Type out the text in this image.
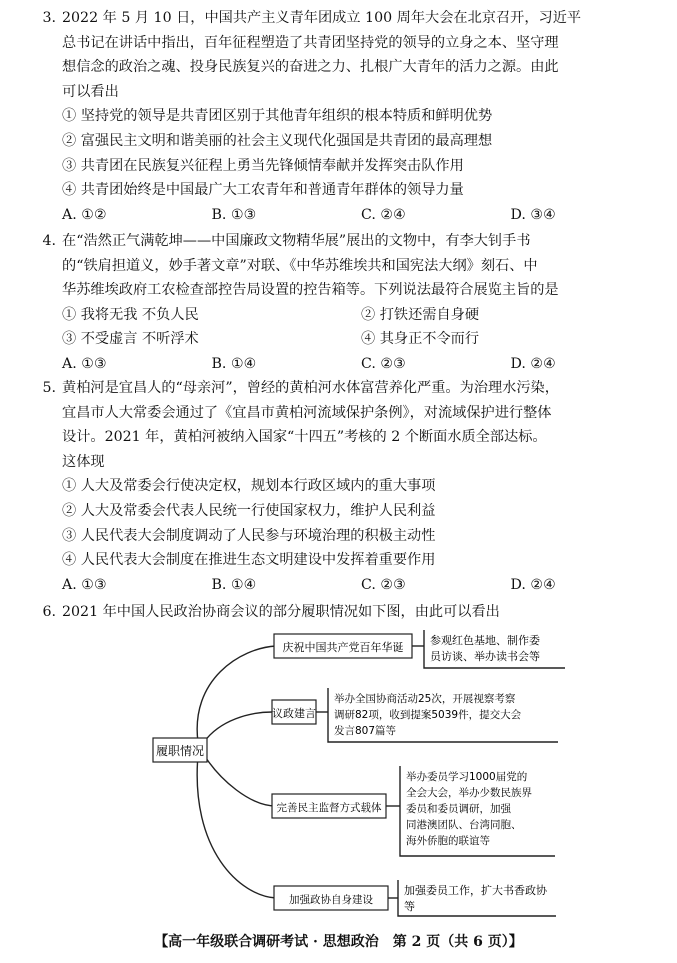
3. 2022 年 5 月 10 日，中国共产主义青年团成立 100 周年大会在北京召开，习近平

总书记在讲话中指出，百年征程塑造了共青团坚持党的领导的立身之本、坚守理

想信念的政治之魂、投身民族复兴的奋进之力、扎根广大青年的活力之源。由此

可以看出

① 坚持党的领导是共青团区别于其他青年组织的根本特质和鲜明优势

② 富强民主文明和谐美丽的社会主义现代化强国是共青团的最高理想

③ 共青团在民族复兴征程上勇当先锋倾情奉献并发挥突击队作用

④ 共青团始终是中国最广大工农青年和普通青年群体的领导力量

A. ①②	B. ①③	C. ②④	D. ③④

4. 在“浩然正气满乾坤——中国廉政文物精华展”展出的文物中，有李大钊手书

的“铁肩担道义，妙手著文章”对联、《中华苏维埃共和国宪法大纲》刻石、中

华苏维埃政府工农检查部控告局设置的控告箱等。下列说法最符合展览主旨的是

① 我将无我 不负人民	② 打铁还需自身硬

③ 不受虚言 不听浮术	④ 其身正不令而行

A. ①③	B. ①④	C. ②③	D. ②④

5. 黄柏河是宜昌人的“母亲河”，曾经的黄柏河水体富营养化严重。为治理水污染，

宜昌市人大常委会通过了《宜昌市黄柏河流域保护条例》，对流域保护进行整体

设计。2021 年，黄柏河被纳入国家“十四五”考核的 2 个断面水质全部达标。

这体现

① 人大及常委会行使决定权，规划本行政区域内的重大事项

② 人大及常委会代表人民统一行使国家权力，维护人民利益

③ 人民代表大会制度调动了人民参与环境治理的积极主动性

④ 人民代表大会制度在推进生态文明建设中发挥着重要作用

A. ①③	B. ①④	C. ②③	D. ②④

6. 2021 年中国人民政治协商会议的部分履职情况如下图，由此可以看出

履职情况
庆祝中国共产党百年华诞
参观红色基地、制作委
员访谈、举办读书会等
议政建言
举办全国协商活动25次，开展视察考察
调研82项，收到提案5039件，提交大会
发言807篇等
完善民主监督方式载体
举办委员学习1000届党的
全会大会，举办少数民族界
委员和委员调研，加强
同港澳团队、台湾同胞、
海外侨胞的联谊等
加强政协自身建设
加强委员工作，扩大书香政协
等
【高一年级联合调研考试 · 思想政治　第 2 页（共 6 页）】
